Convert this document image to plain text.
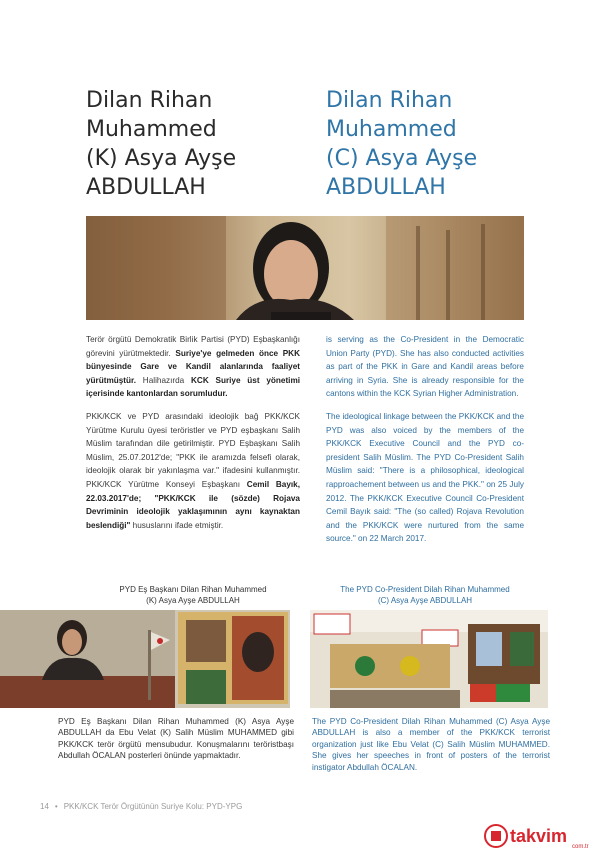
Dilan Rihan
Muhammed
(K) Asya Ayşe
ABDULLAH
Dilan Rihan
Muhammed
(C) Asya Ayşe
ABDULLAH

Terör örgütü Demokratik Birlik Partisi (PYD) Eşbaşkanlığı görevini yürütmektedir. Suriye'ye gelmeden önce PKK bünyesinde Gare ve Kandil alanlarında faaliyet yürütmüştür. Halihazırda KCK Suriye üst yönetimi içerisinde kantonlardan sorumludur.

PKK/KCK ve PYD arasındaki ideolojik bağ PKK/KCK Yürütme Kurulu üyesi teröristler ve PYD eşbaşkanı Salih Müslim tarafından dile getirilmiştir. PYD Eşbaşkanı Salih Müslim, 25.07.2012'de; "PKK ile aramızda felsefi olarak, ideolojik olarak bir yakınlaşma var." ifadesini kullanmıştır. PKK/KCK Yürütme Konseyi Eşbaşkanı Cemil Bayık, 22.03.2017'de; "PKK/KCK ile (sözde) Rojava Devriminin ideolojik yaklaşımının aynı kaynaktan beslendiği" hususlarını ifade etmiştir.

is serving as the Co-President in the Democratic Union Party (PYD). She has also conducted activities as part of the PKK in Gare and Kandil areas before arriving in Syria. She is already responsible for the cantons within the KCK Syrian Higher Administration.

The ideological linkage between the PKK/KCK and the PYD was also voiced by the members of the PKK/KCK Executive Council and the PYD co-president Salih Müslim. The PYD Co-President Salih Müslim said: "There is a philosophical, ideological rapproachement between us and the PKK." on 25 July 2012. The PKK/KCK Executive Council Co-President Cemil Bayık said: "The (so called) Rojava Revolution and the PKK/KCK were nurtured from the same source." on 22 March 2017.

PYD Eş Başkanı Dilan Rihan Muhammed
(K) Asya Ayşe ABDULLAH
The PYD Co-President Dilah Rihan Muhammed
(C) Asya Ayşe ABDULLAH
PYD Eş Başkanı Dilan Rihan Muhammed (K) Asya Ayşe ABDULLAH da Ebu Velat (K) Salih Müslim MUHAMMED gibi PKK/KCK terör örgütü mensubudur. Konuşmalarını teröristbaşı Abdullah ÖCALAN posterleri önünde yapmaktadır.
The PYD Co-President Dilah Rihan Muhammed (C) Asya Ayşe ABDULLAH is also a member of the PKK/KCK terrorist organization just like Ebu Velat (C) Salih Müslim MUHAMMED. She gives her speeches in front of posters of the terrorist instigator Abdullah ÖCALAN.
14 • PKK/KCK Terör Örgütünün Suriye Kolu: PYD-YPG
takvim
com.tr
